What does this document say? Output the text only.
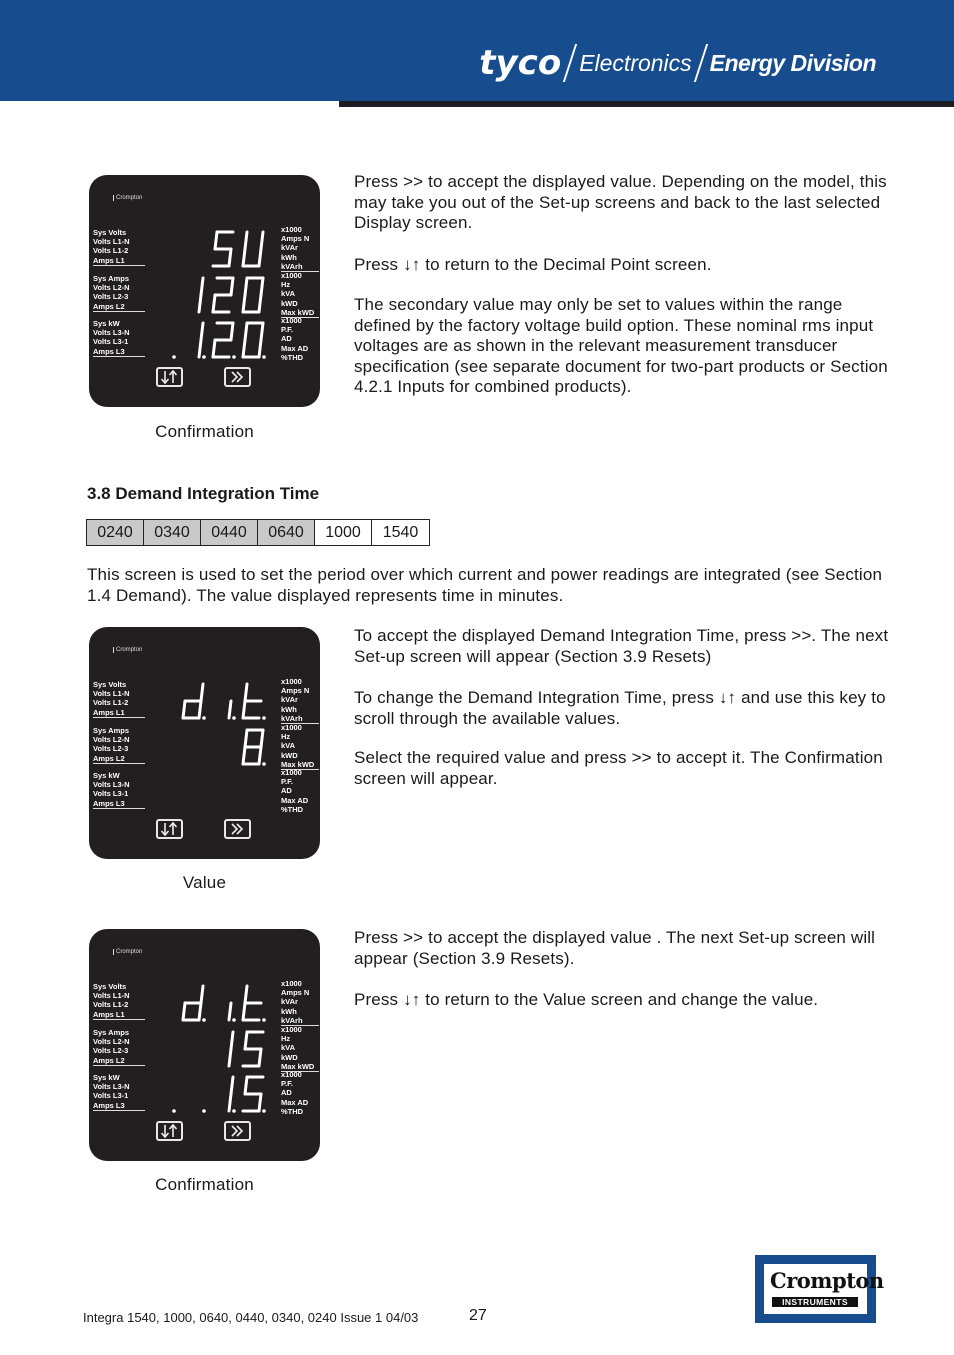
tyco Electronics Energy Division
Crompton
Sys Volts
Volts L1-N
Volts L1-2
Amps L1
Sys Amps
Volts L2-N
Volts L2-3
Amps L2
Sys kW
Volts L3-N
Volts L3-1
Amps L3
x1000
Amps N
kVAr
kWh
kVArh
x1000
Hz
kVA
kWD
Max kWD
x1000
P.F.
AD
Max AD
%THD
Confirmation

Press >> to accept the displayed value. Depending on the model, this may take you out of the Set-up screens and back to the last selected Display screen.

Press ↓↑ to return to the Decimal Point screen.

The secondary value may only be set to values within the range defined by the factory voltage build option. These nominal rms input voltages are as shown in the relevant measurement transducer specification (see separate document for two-part products or Section 4.2.1 Inputs for combined products).

3.8 Demand Integration Time
0240	0340	0440	0640	1000	1540

This screen is used to set the period over which current and power readings are integrated (see Section 1.4 Demand). The value displayed represents time in minutes.

Crompton
Sys Volts
Volts L1-N
Volts L1-2
Amps L1
Sys Amps
Volts L2-N
Volts L2-3
Amps L2
Sys kW
Volts L3-N
Volts L3-1
Amps L3
x1000
Amps N
kVAr
kWh
kVArh
x1000
Hz
kVA
kWD
Max kWD
x1000
P.F.
AD
Max AD
%THD
Value

To accept the displayed Demand Integration Time, press >>. The next Set-up screen will appear (Section 3.9 Resets)

To change the Demand Integration Time, press ↓↑ and use this key to scroll through the available values.

Select the required value and press >> to accept it. The Confirmation screen will appear.

Crompton
Sys Volts
Volts L1-N
Volts L1-2
Amps L1
Sys Amps
Volts L2-N
Volts L2-3
Amps L2
Sys kW
Volts L3-N
Volts L3-1
Amps L3
x1000
Amps N
kVAr
kWh
kVArh
x1000
Hz
kVA
kWD
Max kWD
x1000
P.F.
AD
Max AD
%THD
Confirmation

Press >> to accept the displayed value . The next Set-up screen will appear (Section 3.9 Resets).

Press ↓↑ to return to the Value screen and change the value.

Integra 1540, 1000, 0640, 0440, 0340, 0240 Issue 1 04/03	27
Crompton
INSTRUMENTS
